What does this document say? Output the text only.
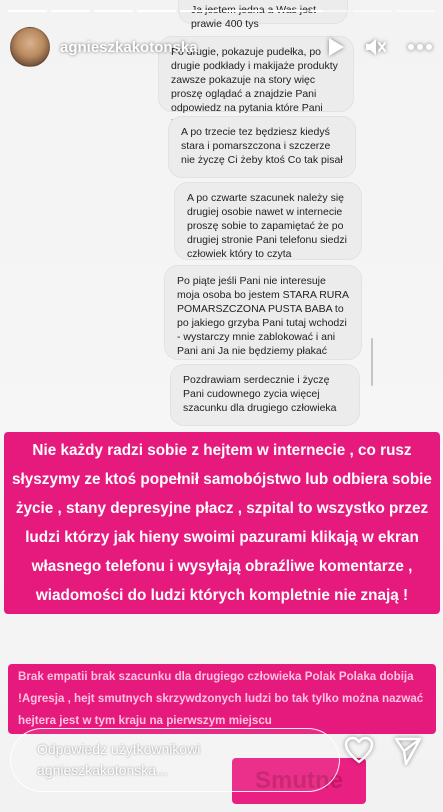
agnieszkakotonska
jestem jest prawie 400 tys
Po drugie, pokazuje pudełka, po drugie podkłady i makijaże produkty zawsze pokazuje na story więc proszę oglądać a znajdzie Pani odpowiedz na pytania które Pani
A po trzecie tez będziesz kiedyś stara i pomarszczona i szczerze nie życzę Ci żeby ktoś Co tak pisał
A po czwarte szacunek należy się drugiej osobie nawet w internecie proszę sobie to zapamiętać że po drugiej stronie Pani telefonu siedzi człowiek który to czyta
Po piąte jeśli Pani nie interesuje moja osoba bo jestem STARA RURA POMARSZCZONA PUSTA BABA to po jakiego grzyba Pani tutaj wchodzi - wystarczy mnie zablokować i ani Pani ani Ja nie będziemy płakać
Pozdrawiam serdecznie i życzę Pani cudownego zycia więcej szacunku dla drugiego człowieka
Nie każdy radzi sobie z hejtem w internecie , co rusz słyszymy ze ktoś popełnił samobójstwo lub odbiera sobie życie , stany depresyjne płacz , szpital to wszystko przez ludzi którzy jak hieny swoimi pazurami klikają w ekran własnego telefonu i wysyłają obraźliwe komentarze , wiadomości do ludzi których kompletnie nie znają !
Brak empatii brak szacunku dla drugiego człowieka Polak Polaka dobija !Agresja , hejt smutnych skrzywdzonych ludzi bo tak tylko można nazwać hejtera jest w tym kraju na pierwszym miejscu
Smutne
Odpowiedz użytkownikowi
agnieszkakotonska...
